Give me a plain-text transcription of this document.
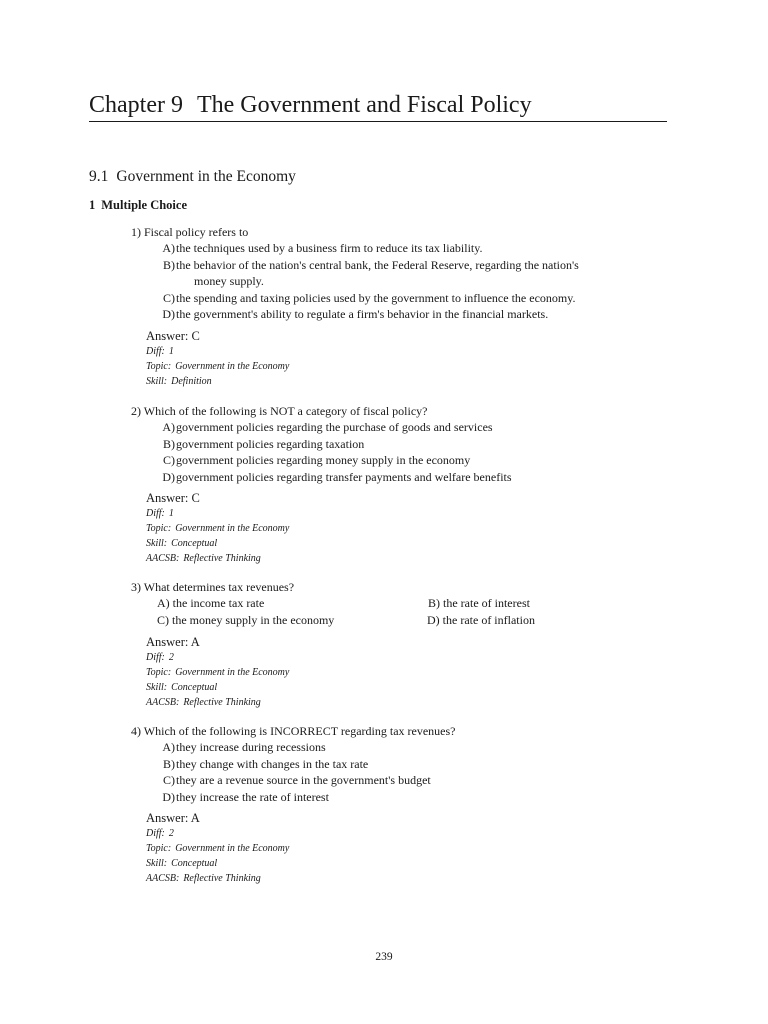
Chapter 9 The Government and Fiscal Policy
9.1 Government in the Economy
1 Multiple Choice
1) Fiscal policy refers to
A) the techniques used by a business firm to reduce its tax liability.
B) the behavior of the nation's central bank, the Federal Reserve, regarding the nation's
money supply.
C) the spending and taxing policies used by the government to influence the economy.
D) the government's ability to regulate a firm's behavior in the financial markets.
Answer: C
Diff: 1
Topic: Government in the Economy
Skill: Definition
2) Which of the following is NOT a category of fiscal policy?
A) government policies regarding the purchase of goods and services
B) government policies regarding taxation
C) government policies regarding money supply in the economy
D) government policies regarding transfer payments and welfare benefits
Answer: C
Diff: 1
Topic: Government in the Economy
Skill: Conceptual
AACSB: Reflective Thinking
3) What determines tax revenues?
A) the income tax rate	B) the rate of interest
C) the money supply in the economy	D) the rate of inflation
Answer: A
Diff: 2
Topic: Government in the Economy
Skill: Conceptual
AACSB: Reflective Thinking
4) Which of the following is INCORRECT regarding tax revenues?
A) they increase during recessions
B) they change with changes in the tax rate
C) they are a revenue source in the government's budget
D) they increase the rate of interest
Answer: A
Diff: 2
Topic: Government in the Economy
Skill: Conceptual
AACSB: Reflective Thinking
239
